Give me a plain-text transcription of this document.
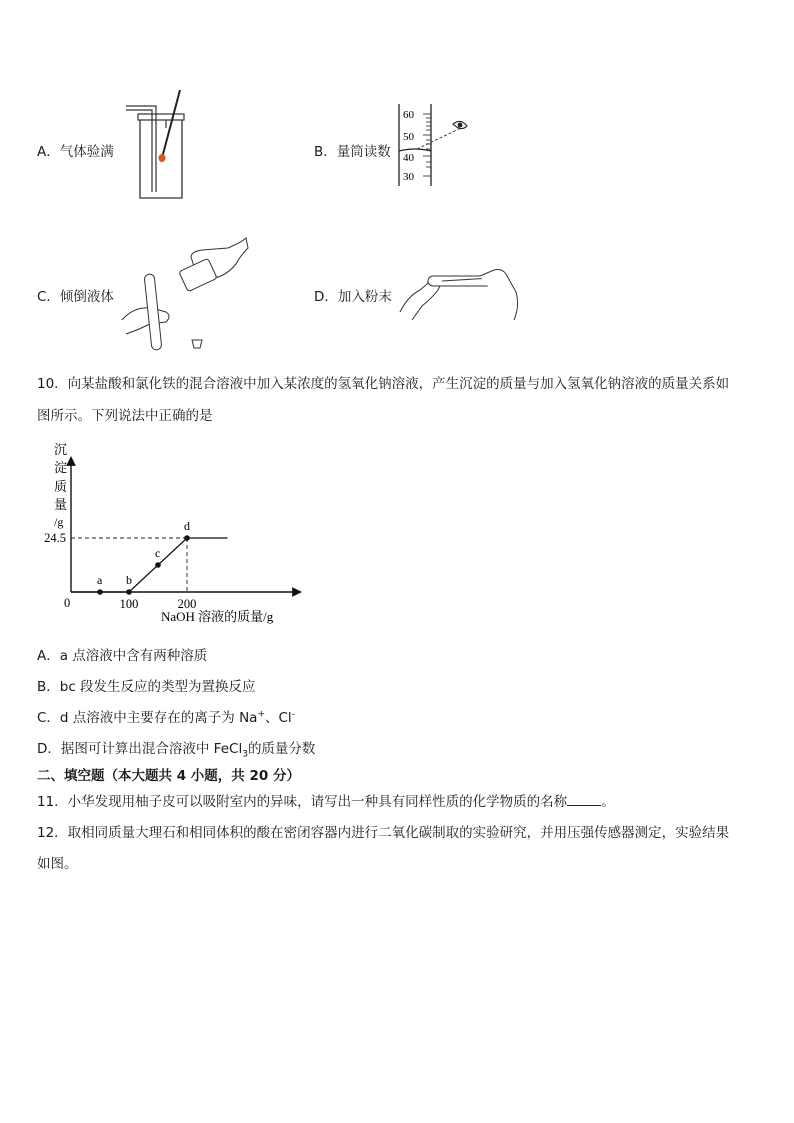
A．气体验满	B．量筒读数
60
50
40
30
C．倾倒液体	D．加入粉末
10．向某盐酸和氯化铁的混合溶液中加入某浓度的氢氧化钠溶液，产生沉淀的质量与加入氢氧化钠溶液的质量关系如
图所示。下列说法中正确的是
沉
淀
质
量
/g
a b
c
d
24.5
0	100	200
NaOH 溶液的质量/g
A．a 点溶液中含有两种溶质
B．bc 段发生反应的类型为置换反应
C．d 点溶液中主要存在的离子为 Na+、Cl-
D．据图可计算出混合溶液中 FeCl$_3$的质量分数
二、填空题（本大题共 4 小题，共 20 分）
11．小华发现用柚子皮可以吸附室内的异味，请写出一种具有同样性质的化学物质的名称	。
12．取相同质量大理石和相同体积的酸在密闭容器内进行二氧化碳制取的实验研究，并用压强传感器测定，实验结果
如图。
